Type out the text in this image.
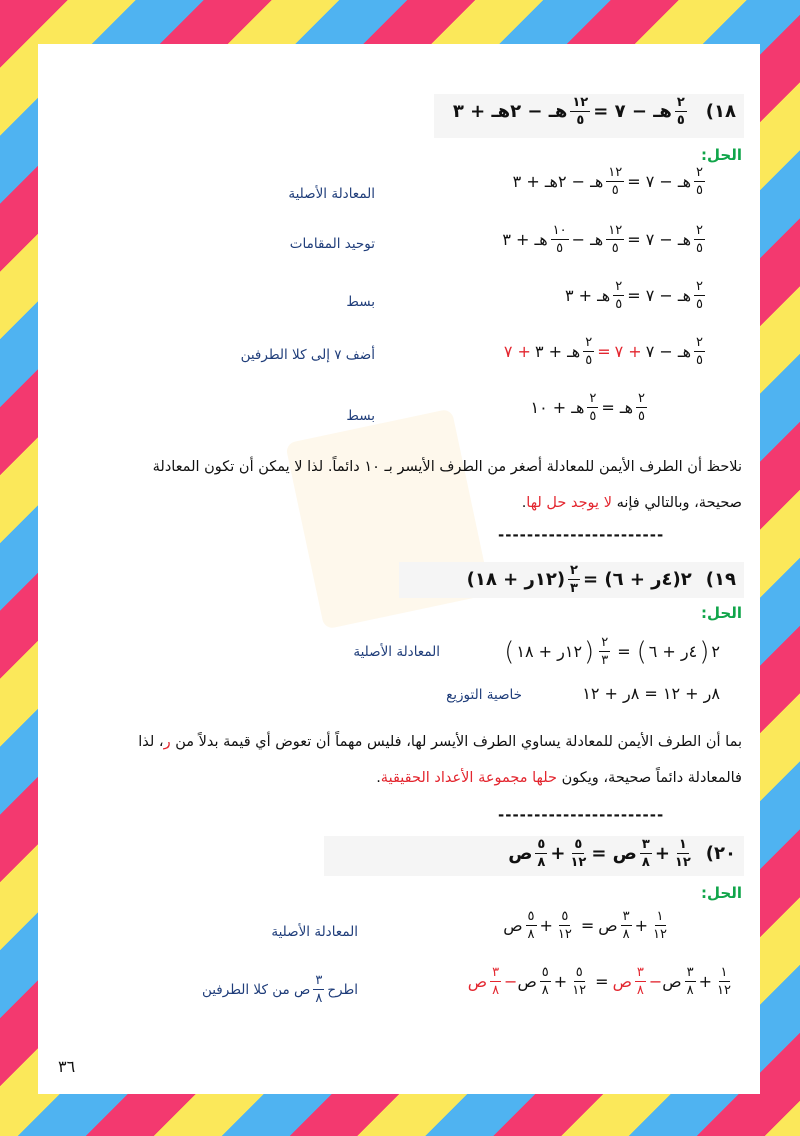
١٨)
$\frac{٢}{٥}$
هـ − ٧ =
$\frac{١٢}{٥}$
هـ − ٢هـ + ٣
الحل:
$\frac{٢}{٥}$
هـ − ٧ =
$\frac{١٢}{٥}$
هـ − ٢هـ + ٣
المعادلة الأصلية
$\frac{٢}{٥}$
هـ − ٧ =
$\frac{١٢}{٥}$
هـ −
$\frac{١٠}{٥}$
هـ + ٣
توحيد المقامات
$\frac{٢}{٥}$
هـ − ٧ =
$\frac{٢}{٥}$
هـ + ٣
بسط
$\frac{٢}{٥}$
هـ − ٧
+ ٧
=
$\frac{٢}{٥}$
هـ + ٣
+ ٧
أضف ٧ إلى كلا الطرفين
$\frac{٢}{٥}$
هـ =
$\frac{٢}{٥}$
هـ + ١٠
بسط
نلاحظ أن الطرف الأيمن للمعادلة أصغر من الطرف الأيسر بـ ١٠ دائماً. لذا لا يمكن أن تكون المعادلة
صحيحة، وبالتالي فإنه لا يوجد حل لها.
-----------------------
١٩)
٢(٤ر + ٦) =
$\frac{٢}{٣}$
(١٢ر + ١٨)
الحل:
٢
(
٤ر + ٦
)
=
$\frac{٢}{٣}$
(
١٢ر + ١٨
)
المعادلة الأصلية
٨ر + ١٢ = ٨ر + ١٢
خاصية التوزيع
بما أن الطرف الأيمن للمعادلة يساوي الطرف الأيسر لها، فليس مهماً أن تعوض أي قيمة بدلاً من ر، لذا
فالمعادلة دائماً صحيحة، ويكون حلها مجموعة الأعداد الحقيقية.
-----------------------
٢٠)
$\frac{١}{١٢}$
+
$\frac{٣}{٨}$
ص =
$\frac{٥}{١٢}$
+
$\frac{٥}{٨}$
ص
الحل:
$\frac{١}{١٢}$
+
$\frac{٣}{٨}$
ص
=
$\frac{٥}{١٢}$
+
$\frac{٥}{٨}$
ص
المعادلة الأصلية
$\frac{١}{١٢}$
+
$\frac{٣}{٨}$
ص
−
$\frac{٣}{٨}$
ص
=
$\frac{٥}{١٢}$
+
$\frac{٥}{٨}$
ص
−
$\frac{٣}{٨}$
ص
اطرح
$\frac{٣}{٨}$
ص من كلا الطرفين
٣٦
